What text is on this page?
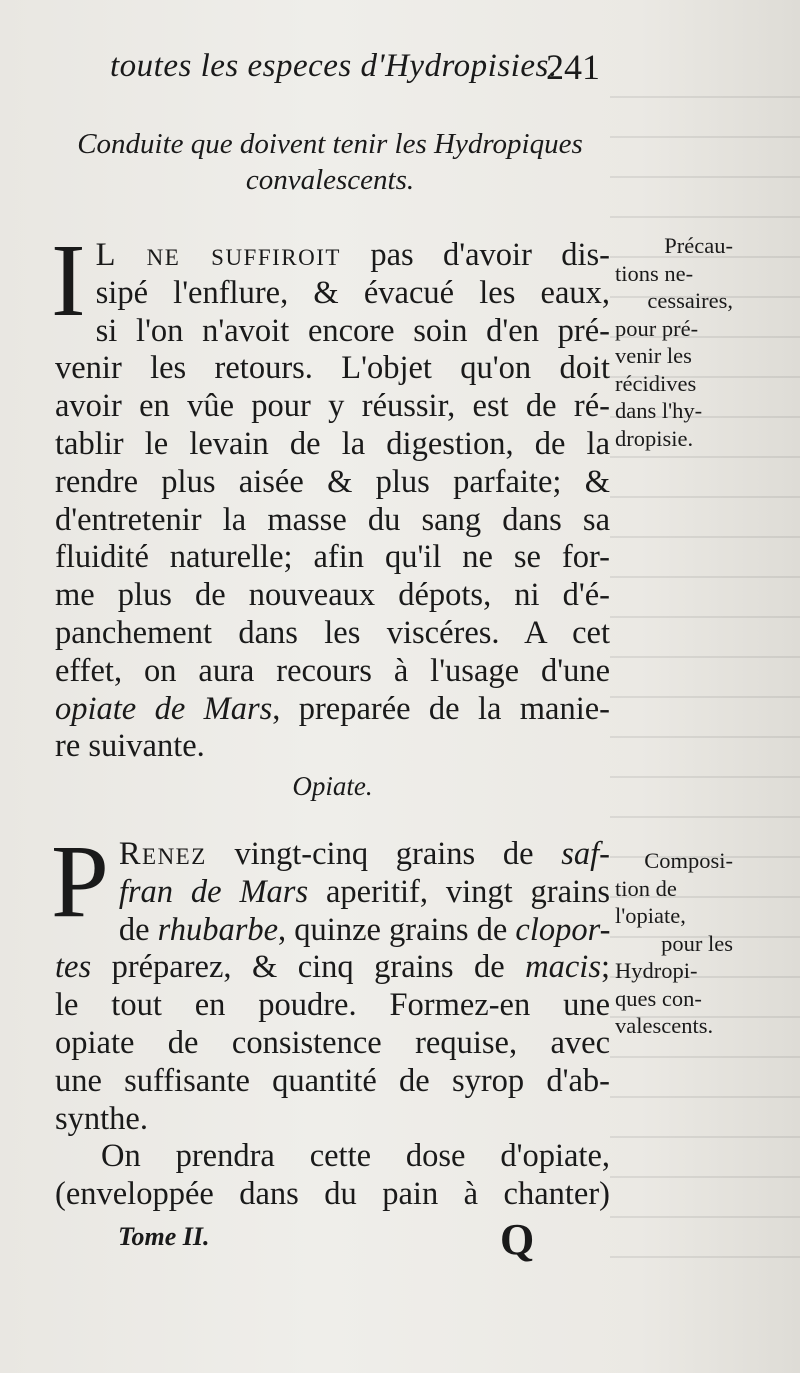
toutes les especes d'Hydropisies.
241
Conduite que doivent tenir les Hydropiques
convalescents.
I L ne suffiroit pas d'avoir dis-
sipé l'enflure, & évacué les eaux,
si l'on n'avoit encore soin d'en pré-
venir les retours. L'objet qu'on doit
avoir en vûe pour y réussir, est de ré-
tablir le levain de la digestion, de la
rendre plus aisée & plus parfaite; &
d'entretenir la masse du sang dans sa
fluidité naturelle; afin qu'il ne se for-
me plus de nouveaux dépots, ni d'é-
panchement dans les viscéres. A cet
effet, on aura recours à l'usage d'une
opiate de Mars, preparée de la manie-
re suivante.
Opiate.
P Renez vingt-cinq grains de saf-
fran de Mars aperitif, vingt grains
de rhubarbe, quinze grains de clopor-
tes préparez, & cinq grains de macis;
le tout en poudre. Formez-en une
opiate de consistence requise, avec
une suffisante quantité de syrop d'ab-
synthe.
On prendra cette dose d'opiate,
(enveloppée dans du pain à chanter)
Précau-
tions ne-
cessaires,
pour pré-
venir les
récidives
dans l'hy-
dropisie.
Composi-
tion de
l'opiate,
pour les
Hydropi-
ques con-
valescents.
Tome II.	Q
